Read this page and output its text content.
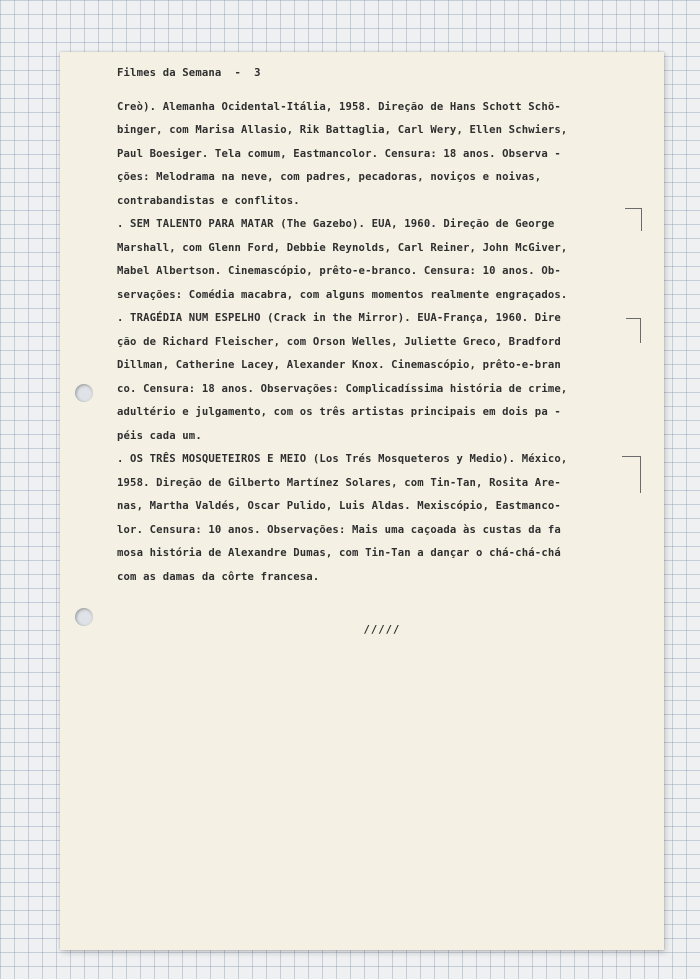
Filmes da Semana  -  3
Creò). Alemanha Ocidental-Itália, 1958. Direção de Hans Schott Schö-
binger, com Marisa Allasio, Rik Battaglia, Carl Wery, Ellen Schwiers,
Paul Boesiger. Tela comum, Eastmancolor. Censura: 18 anos. Observa -
ções: Melodrama na neve, com padres, pecadoras, noviços e noivas,
contrabandistas e conflitos.
. SEM TALENTO PARA MATAR (The Gazebo). EUA, 1960. Direção de George
Marshall, com Glenn Ford, Debbie Reynolds, Carl Reiner, John McGiver,
Mabel Albertson. Cinemascópio, prêto-e-branco. Censura: 10 anos. Ob-
servações: Comédia macabra, com alguns momentos realmente engraçados.
. TRAGÉDIA NUM ESPELHO (Crack in the Mirror). EUA-França, 1960. Dire
ção de Richard Fleischer, com Orson Welles, Juliette Greco, Bradford
Dillman, Catherine Lacey, Alexander Knox. Cinemascópio, prêto-e-bran
co. Censura: 18 anos. Observações: Complicadíssima história de crime,
adultério e julgamento, com os três artistas principais em dois pa -
péis cada um.
. OS TRÊS MOSQUETEIROS E MEIO (Los Trés Mosqueteros y Medio). México,
1958. Direção de Gilberto Martínez Solares, com Tin-Tan, Rosita Are-
nas, Martha Valdés, Oscar Pulido, Luis Aldas. Mexiscópio, Eastmanco-
lor. Censura: 10 anos. Observações: Mais uma caçoada às custas da fa
mosa história de Alexandre Dumas, com Tin-Tan a dançar o chá-chá-chá
com as damas da côrte francesa.
/////
